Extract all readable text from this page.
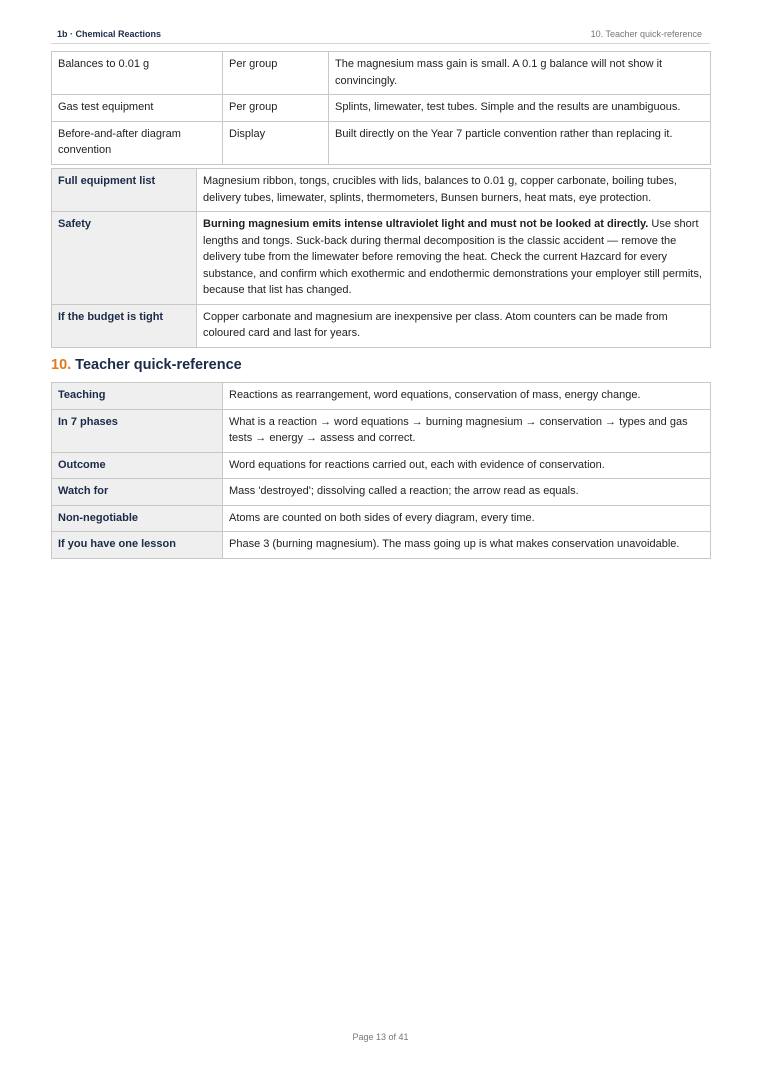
1b · Chemical Reactions	10. Teacher quick-reference
Balances to 0.01 g	Per group	The magnesium mass gain is small. A 0.1 g balance will not show it convincingly.
Gas test equipment	Per group	Splints, limewater, test tubes. Simple and the results are unambiguous.
Before-and-after diagram convention	Display	Built directly on the Year 7 particle convention rather than replacing it.
Full equipment list	Magnesium ribbon, tongs, crucibles with lids, balances to 0.01 g, copper carbonate, boiling tubes, delivery tubes, limewater, splints, thermometers, Bunsen burners, heat mats, eye protection.
Safety	Burning magnesium emits intense ultraviolet light and must not be looked at directly. Use short lengths and tongs. Suck-back during thermal decomposition is the classic accident — remove the delivery tube from the limewater before removing the heat. Check the current Hazcard for every substance, and confirm which exothermic and endothermic demonstrations your employer still permits, because that list has changed.
If the budget is tight	Copper carbonate and magnesium are inexpensive per class. Atom counters can be made from coloured card and last for years.
10. Teacher quick-reference
Teaching	Reactions as rearrangement, word equations, conservation of mass, energy change.
In 7 phases	What is a reaction → word equations → burning magnesium → conservation → types and gas tests → energy → assess and correct.
Outcome	Word equations for reactions carried out, each with evidence of conservation.
Watch for	Mass 'destroyed'; dissolving called a reaction; the arrow read as equals.
Non-negotiable	Atoms are counted on both sides of every diagram, every time.
If you have one lesson	Phase 3 (burning magnesium). The mass going up is what makes conservation unavoidable.
Page 13 of 41
